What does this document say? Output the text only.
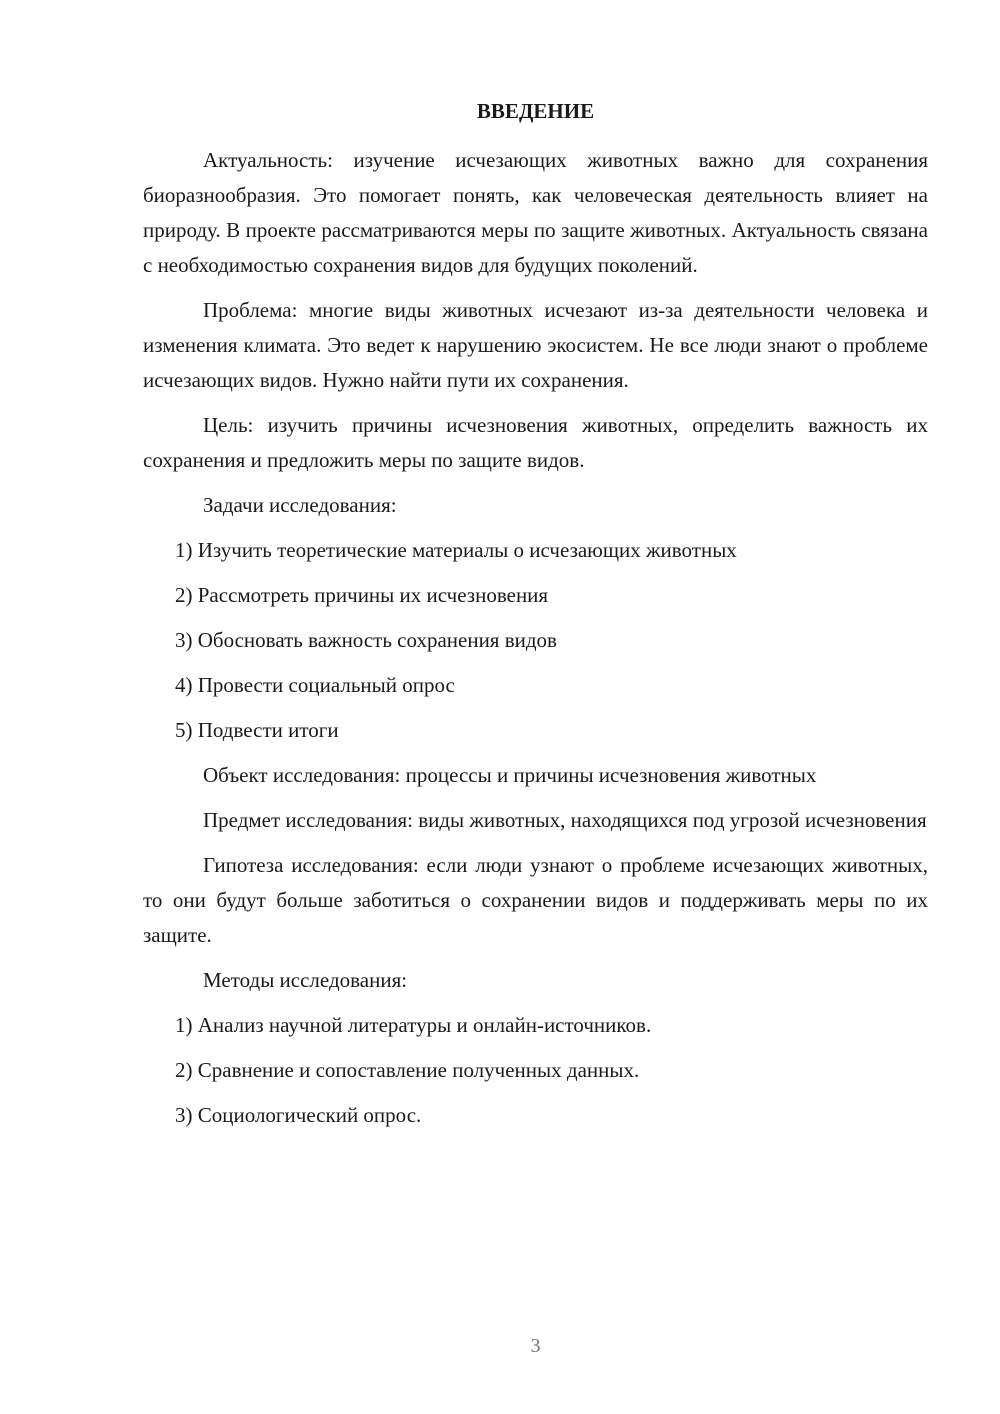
ВВЕДЕНИЕ

Актуальность: изучение исчезающих животных важно для сохранения биоразнообразия. Это помогает понять, как человеческая деятельность влияет на природу. В проекте рассматриваются меры по защите животных. Актуальность связана с необходимостью сохранения видов для будущих поколений.

Проблема: многие виды животных исчезают из-за деятельности человека и изменения климата. Это ведет к нарушению экосистем. Не все люди знают о проблеме исчезающих видов. Нужно найти пути их сохранения.

Цель: изучить причины исчезновения животных, определить важность их сохранения и предложить меры по защите видов.

Задачи исследования:

1) Изучить теоретические материалы о исчезающих животных

2) Рассмотреть причины их исчезновения

3) Обосновать важность сохранения видов

4) Провести социальный опрос

5) Подвести итоги

Объект исследования: процессы и причины исчезновения животных

Предмет исследования: виды животных, находящихся под угрозой исчезновения

Гипотеза исследования: если люди узнают о проблеме исчезающих животных, то они будут больше заботиться о сохранении видов и поддерживать меры по их защите.

Методы исследования:

1) Анализ научной литературы и онлайн-источников.

2) Сравнение и сопоставление полученных данных.

3) Социологический опрос.

3
